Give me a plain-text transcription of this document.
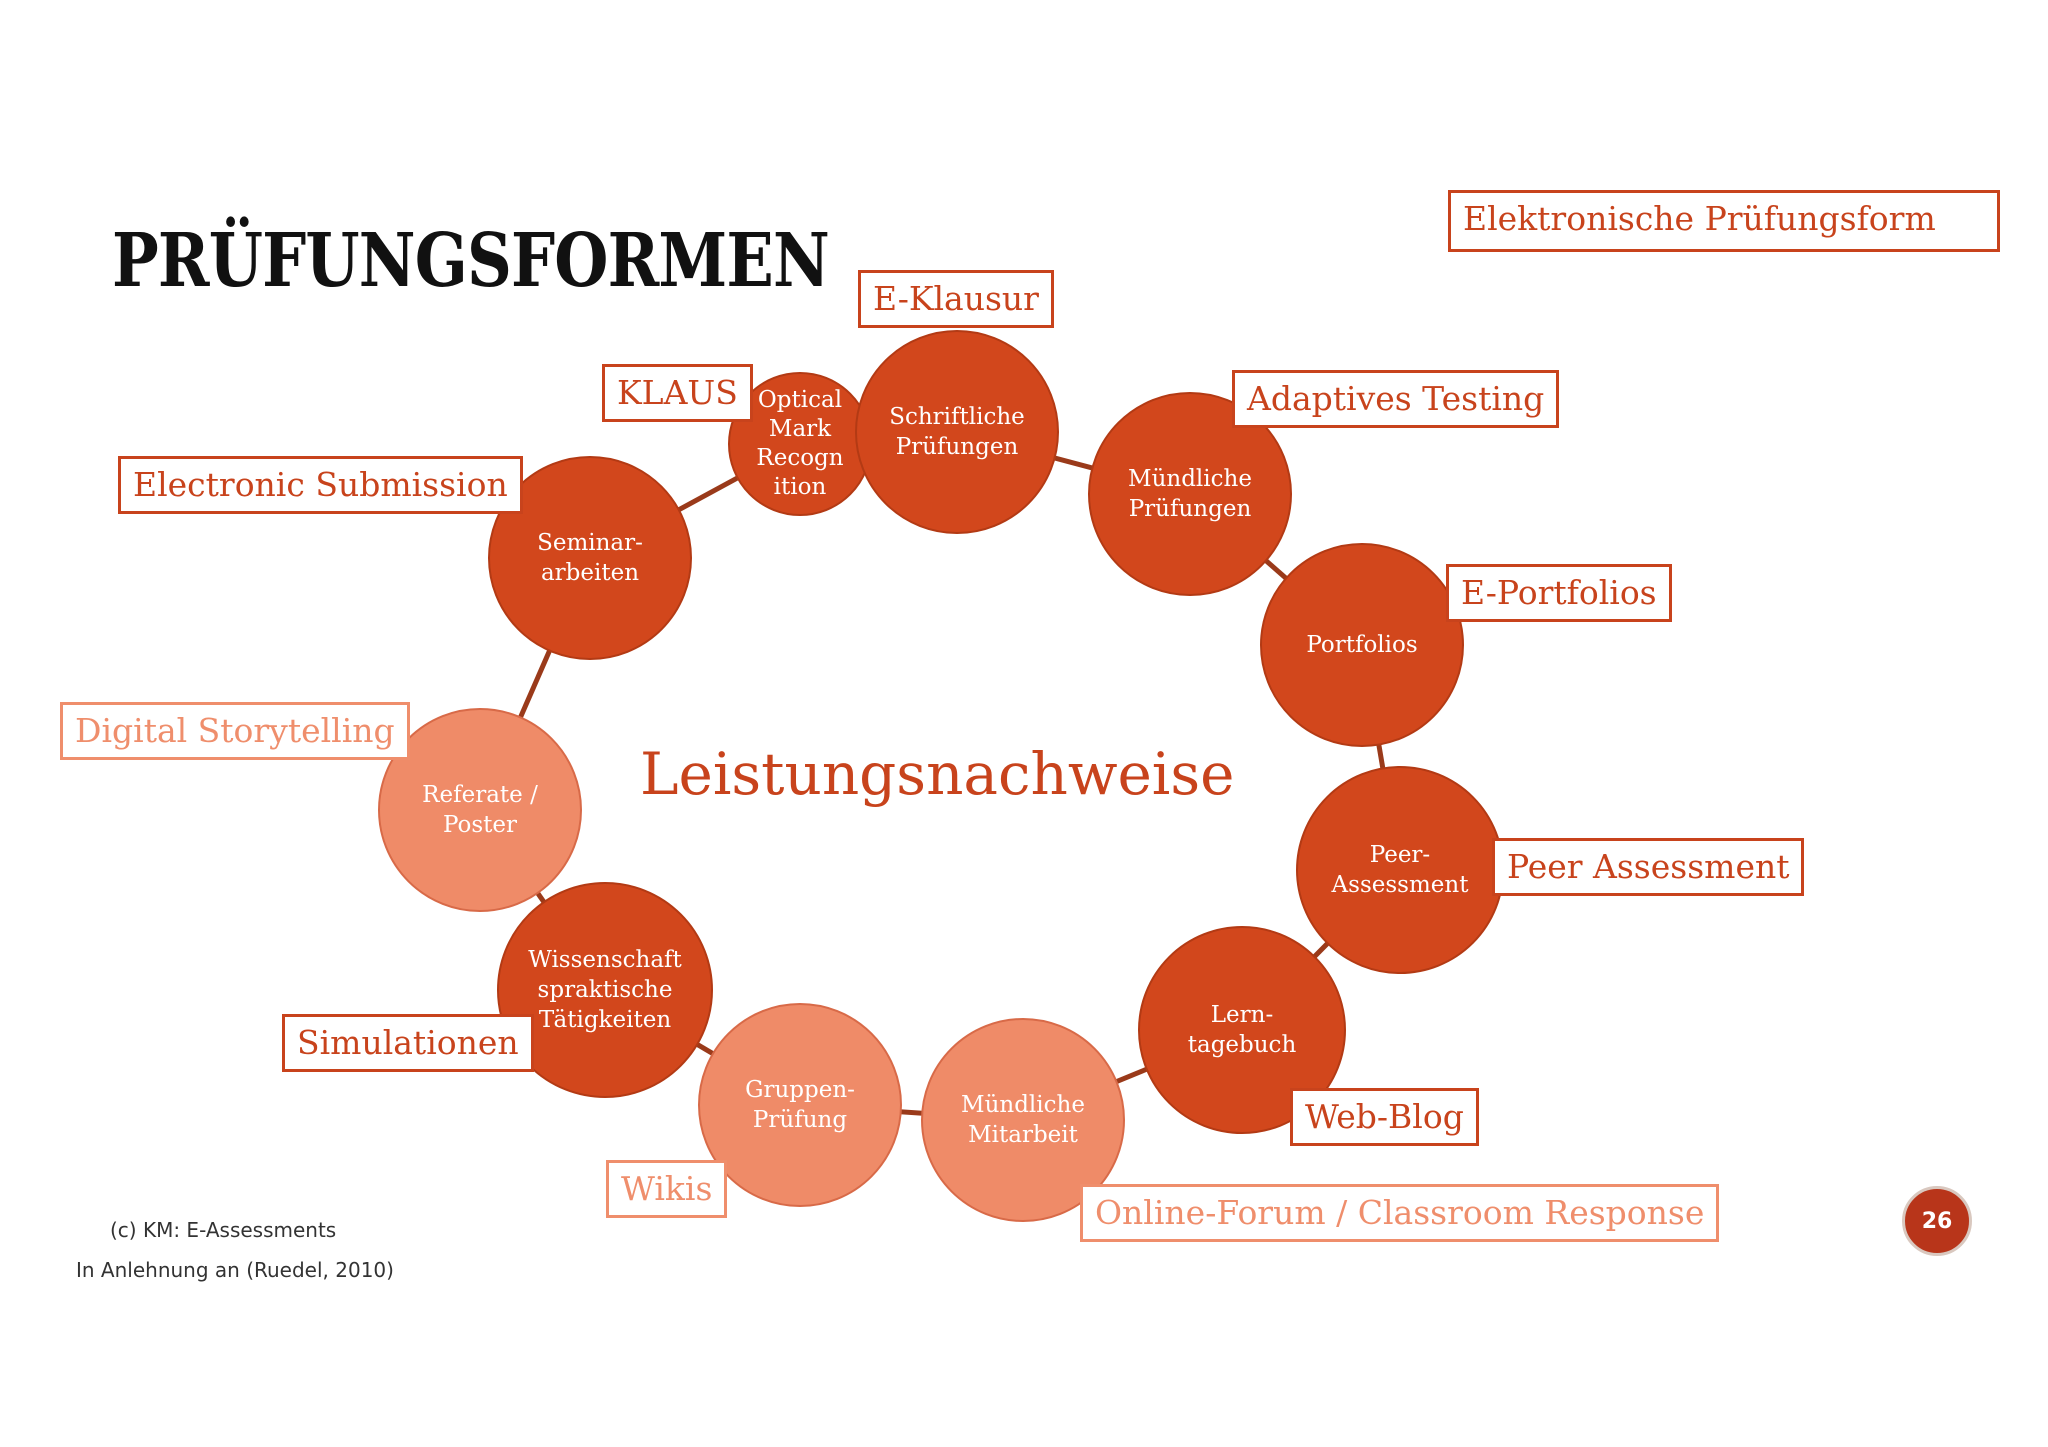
PRÜFUNGSFORMEN	Elektronische Prüfungsform
Leistungsnachweise
Optical
Mark
Recogn
ition
Schriftliche
Prüfungen
Mündliche
Prüfungen
Portfolios
Peer-
Assessment
Lern-
tagebuch
Mündliche
Mitarbeit
Gruppen-
Prüfung
Wissenschaft
spraktische
Tätigkeiten
Referate /
Poster
Seminar-
arbeiten
KLAUS
E-Klausur
Adaptives Testing
E-Portfolios
Peer Assessment
Web-Blog
Online-Forum / Classroom Response
Wikis
Simulationen
Digital Storytelling
Electronic Submission
(c) KM: E-Assessments
In Anlehnung an (Ruedel, 2010)
26
